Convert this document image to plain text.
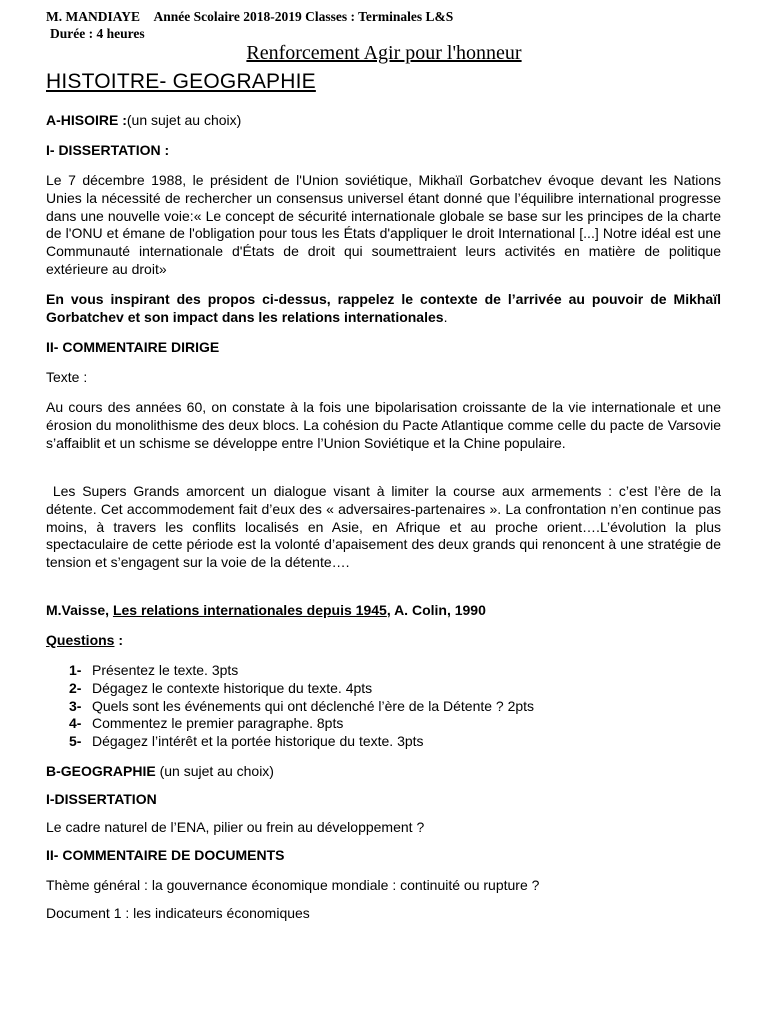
M. MANDIAYE Année Scolaire 2018-2019 Classes : Terminales L&S
Durée : 4 heures
Renforcement Agir pour l'honneur
HISTOITRE- GEOGRAPHIE
A-HISOIRE :(un sujet au choix)
I- DISSERTATION :
Le 7 décembre 1988, le président de l'Union soviétique, Mikhaïl Gorbatchev évoque devant les Nations Unies la nécessité de rechercher un consensus universel étant donné que l’équilibre international progresse dans une nouvelle voie:« Le concept de sécurité internationale globale se base sur les principes de la charte de l'ONU et émane de l'obligation pour tous les États d'appliquer le droit International [...] Notre idéal est une Communauté internationale d'États de droit qui soumettraient leurs activités en matière de politique extérieure au droit»
En vous inspirant des propos ci-dessus, rappelez le contexte de l’arrivée au pouvoir de Mikhaïl Gorbatchev et son impact dans les relations internationales.
II- COMMENTAIRE DIRIGE
Texte :
Au cours des années 60, on constate à la fois une bipolarisation croissante de la vie internationale et une érosion du monolithisme des deux blocs. La cohésion du Pacte Atlantique comme celle du pacte de Varsovie s’affaiblit et un schisme se développe entre l’Union Soviétique et la Chine populaire.
Les Supers Grands amorcent un dialogue visant à limiter la course aux armements : c’est l’ère de la détente. Cet accommodement fait d’eux des « adversaires-partenaires ». La confrontation n’en continue pas moins, à travers les conflits localisés en Asie, en Afrique et au proche orient….L’évolution la plus spectaculaire de cette période est la volonté d’apaisement des deux grands qui renoncent à une stratégie de tension et s’engagent sur la voie de la détente….
M.Vaisse, Les relations internationales depuis 1945, A. Colin, 1990
Questions :
1- Présentez le texte. 3pts
2- Dégagez le contexte historique du texte. 4pts
3- Quels sont les événements qui ont déclenché l’ère de la Détente ? 2pts
4- Commentez le premier paragraphe. 8pts
5- Dégagez l’intérêt et la portée historique du texte. 3pts
B-GEOGRAPHIE (un sujet au choix)
I-DISSERTATION
Le cadre naturel de l’ENA, pilier ou frein au développement ?
II- COMMENTAIRE DE DOCUMENTS
Thème général : la gouvernance économique mondiale : continuité ou rupture ?
Document 1 : les indicateurs économiques
